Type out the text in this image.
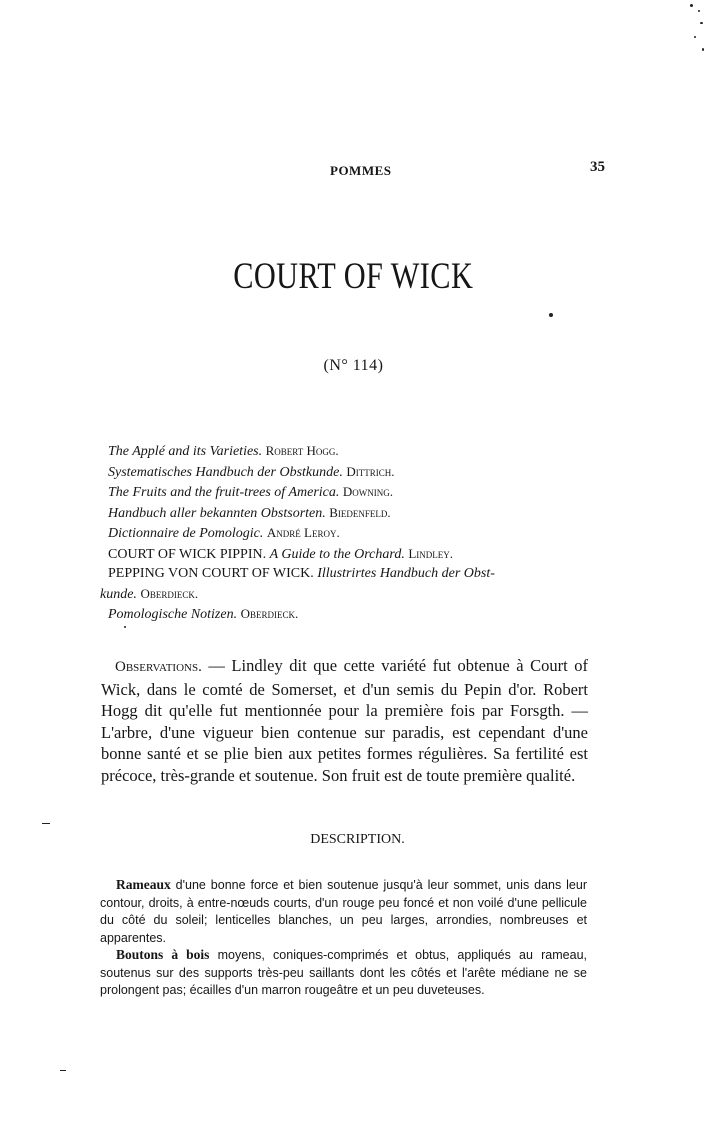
POMMES	35
COURT OF WICK
(N° 114)

The Applé and its Varieties. Robert Hogg.

Systematisches Handbuch der Obstkunde. Dittrich.

The Fruits and the fruit-trees of America. Downing.

Handbuch aller bekannten Obstsorten. Biedenfeld.

Dictionnaire de Pomologic. André Leroy.

COURT OF WICK PIPPIN. A Guide to the Orchard. Lindley.

PEPPING VON COURT OF WICK. Illustrirtes Handbuch der Obst-
kunde. Oberdieck.

Pomologische Notizen. Oberdieck.

Observations. — Lindley dit que cette variété fut obtenue à Court of Wick, dans le comté de Somerset, et d'un semis du Pepin d'or. Robert Hogg dit qu'elle fut mentionnée pour la première fois par Forsgth. — L'arbre, d'une vigueur bien contenue sur paradis, est cependant d'une bonne santé et se plie bien aux petites formes régulières. Sa fertilité est précoce, très-grande et soutenue. Son fruit est de toute première qualité.

DESCRIPTION.

Rameaux d'une bonne force et bien soutenue jusqu'à leur sommet, unis dans leur contour, droits, à entre-nœuds courts, d'un rouge peu foncé et non voilé d'une pellicule du côté du soleil; lenticelles blanches, un peu larges, arrondies, nombreuses et apparentes.

Boutons à bois moyens, coniques-comprimés et obtus, appliqués au rameau, soutenus sur des supports très-peu saillants dont les côtés et l'arête médiane ne se prolongent pas; écailles d'un marron rougeâtre et un peu duveteuses.
